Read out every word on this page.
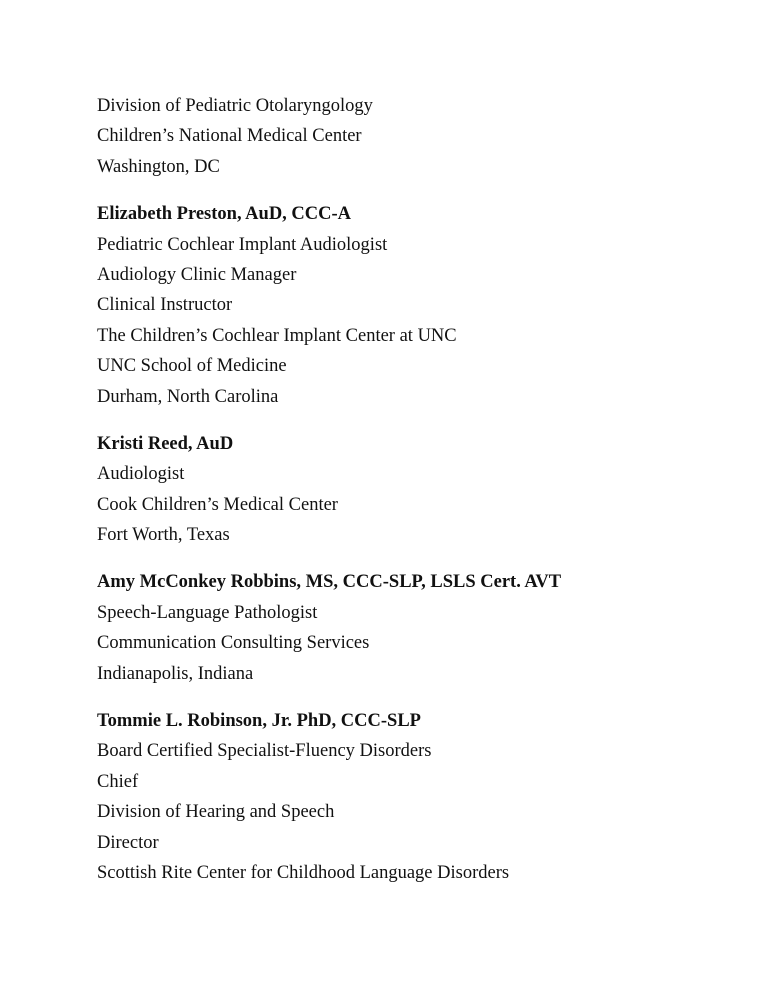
Division of Pediatric Otolaryngology
Children’s National Medical Center
Washington, DC
Elizabeth Preston, AuD, CCC-A
Pediatric Cochlear Implant Audiologist
Audiology Clinic Manager
Clinical Instructor
The Children’s Cochlear Implant Center at UNC
UNC School of Medicine
Durham, North Carolina
Kristi Reed, AuD
Audiologist
Cook Children’s Medical Center
Fort Worth, Texas
Amy McConkey Robbins, MS, CCC-SLP, LSLS Cert. AVT
Speech-Language Pathologist
Communication Consulting Services
Indianapolis, Indiana
Tommie L. Robinson, Jr. PhD, CCC-SLP
Board Certified Specialist-Fluency Disorders
Chief
Division of Hearing and Speech
Director
Scottish Rite Center for Childhood Language Disorders
